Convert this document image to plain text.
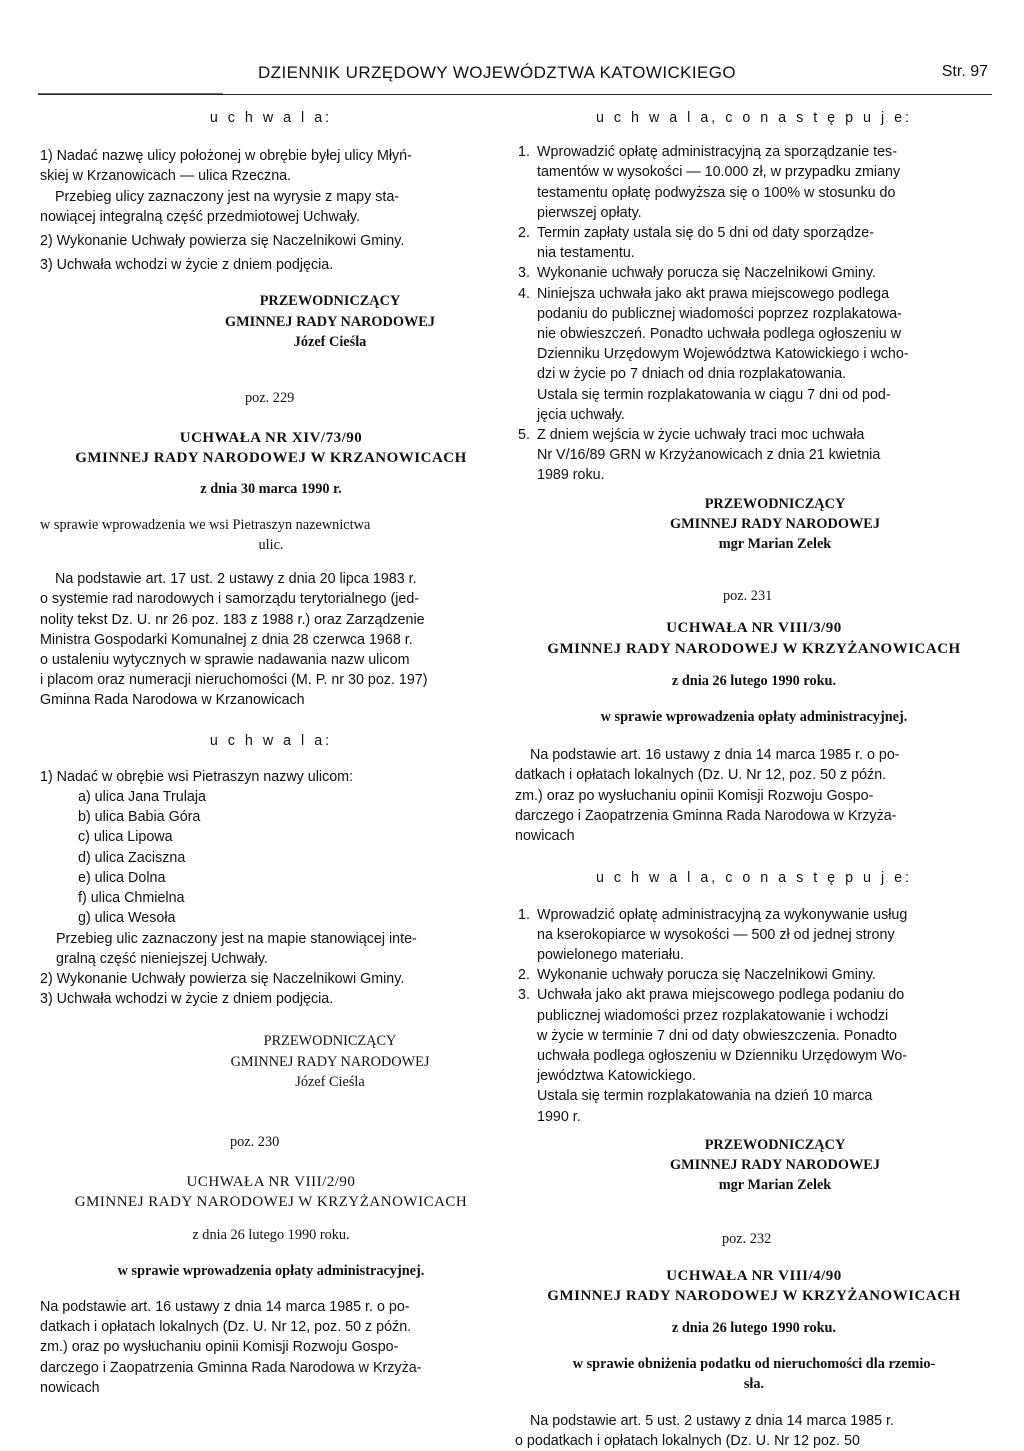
DZIENNIK URZĘDOWY WOJEWÓDZTWA KATOWICKIEGO	Str. 97

u c h w a l a:

1) Nadać nazwę ulicy położonej w obrębie byłej ulicy Młyń-

skiej w Krzanowicach — ulica Rzeczna.

Przebieg ulicy zaznaczony jest na wyrysie z mapy sta-

nowiącej integralną część przedmiotowej Uchwały.

2) Wykonanie Uchwały powierza się Naczelnikowi Gminy.

3) Uchwała wchodzi w życie z dniem podjęcia.

PRZEWODNICZĄCY

GMINNEJ RADY NARODOWEJ

Józef Cieśla

poz. 229

UCHWAŁA NR XIV/73/90

GMINNEJ RADY NARODOWEJ W KRZANOWICACH

z dnia 30 marca 1990 r.

w sprawie wprowadzenia we wsi Pietraszyn nazewnictwa

ulic.

Na podstawie art. 17 ust. 2 ustawy z dnia 20 lipca 1983 r.

o systemie rad narodowych i samorządu terytorialnego (jed-

nolity tekst Dz. U. nr 26 poz. 183 z 1988 r.) oraz Zarządzenie

Ministra Gospodarki Komunalnej z dnia 28 czerwca 1968 r.

o ustaleniu wytycznych w sprawie nadawania nazw ulicom

i placom oraz numeracji nieruchomości (M. P. nr 30 poz. 197)

Gminna Rada Narodowa w Krzanowicach

u c h w a l a:

1) Nadać w obrębie wsi Pietraszyn nazwy ulicom:

a) ulica Jana Trulaja

b) ulica Babia Góra

c) ulica Lipowa

d) ulica Zaciszna

e) ulica Dolna

f) ulica Chmielna

g) ulica Wesoła

Przebieg ulic zaznaczony jest na mapie stanowiącej inte-

gralną część nieniejszej Uchwały.

2) Wykonanie Uchwały powierza się Naczelnikowi Gminy.

3) Uchwała wchodzi w życie z dniem podjęcia.

PRZEWODNICZĄCY

GMINNEJ RADY NARODOWEJ

Józef Cieśla

poz. 230

UCHWAŁA NR VIII/2/90

GMINNEJ RADY NARODOWEJ W KRZYŻANOWICACH

z dnia 26 lutego 1990 roku.

w sprawie wprowadzenia opłaty administracyjnej.

Na podstawie art. 16 ustawy z dnia 14 marca 1985 r. o po-

datkach i opłatach lokalnych (Dz. U. Nr 12, poz. 50 z późn.

zm.) oraz po wysłuchaniu opinii Komisji Rozwoju Gospo-

darczego i Zaopatrzenia Gminna Rada Narodowa w Krzyża-

nowicach

u c h w a l a, c o n a s t ę p u j e:

1. Wprowadzić opłatę administracyjną za sporządzanie tes-

tamentów w wysokości — 10.000 zł, w przypadku zmiany

testamentu opłatę podwyższa się o 100% w stosunku do

pierwszej opłaty.

2. Termin zapłaty ustala się do 5 dni od daty sporządze-

nia testamentu.

3. Wykonanie uchwały porucza się Naczelnikowi Gminy.

4. Niniejsza uchwała jako akt prawa miejscowego podlega

podaniu do publicznej wiadomości poprzez rozplakatowa-

nie obwieszczeń. Ponadto uchwała podlega ogłoszeniu w

Dzienniku Urzędowym Województwa Katowickiego i wcho-

dzi w życie po 7 dniach od dnia rozplakatowania.

Ustala się termin rozplakatowania w ciągu 7 dni od pod-

jęcia uchwały.

5. Z dniem wejścia w życie uchwały traci moc uchwała

Nr V/16/89 GRN w Krzyżanowicach z dnia 21 kwietnia

1989 roku.

PRZEWODNICZĄCY

GMINNEJ RADY NARODOWEJ

mgr Marian Zelek

poz. 231

UCHWAŁA NR VIII/3/90

GMINNEJ RADY NARODOWEJ W KRZYŻANOWICACH

z dnia 26 lutego 1990 roku.

w sprawie wprowadzenia opłaty administracyjnej.

Na podstawie art. 16 ustawy z dnia 14 marca 1985 r. o po-

datkach i opłatach lokalnych (Dz. U. Nr 12, poz. 50 z późn.

zm.) oraz po wysłuchaniu opinii Komisji Rozwoju Gospo-

darczego i Zaopatrzenia Gminna Rada Narodowa w Krzyża-

nowicach

u c h w a l a, c o n a s t ę p u j e:

1. Wprowadzić opłatę administracyjną za wykonywanie usług

na kserokopiarce w wysokości — 500 zł od jednej strony

powielonego materiału.

2. Wykonanie uchwały porucza się Naczelnikowi Gminy.

3. Uchwała jako akt prawa miejscowego podlega podaniu do

publicznej wiadomości przez rozplakatowanie i wchodzi

w życie w terminie 7 dni od daty obwieszczenia. Ponadto

uchwała podlega ogłoszeniu w Dzienniku Urzędowym Wo-

jewództwa Katowickiego.

Ustala się termin rozplakatowania na dzień 10 marca

1990 r.

PRZEWODNICZĄCY

GMINNEJ RADY NARODOWEJ

mgr Marian Zelek

poz. 232

UCHWAŁA NR VIII/4/90

GMINNEJ RADY NARODOWEJ W KRZYŻANOWICACH

z dnia 26 lutego 1990 roku.

w sprawie obniżenia podatku od nieruchomości dla rzemio-

sła.

Na podstawie art. 5 ust. 2 ustawy z dnia 14 marca 1985 r.

o podatkach i opłatach lokalnych (Dz. U. Nr 12 poz. 50
